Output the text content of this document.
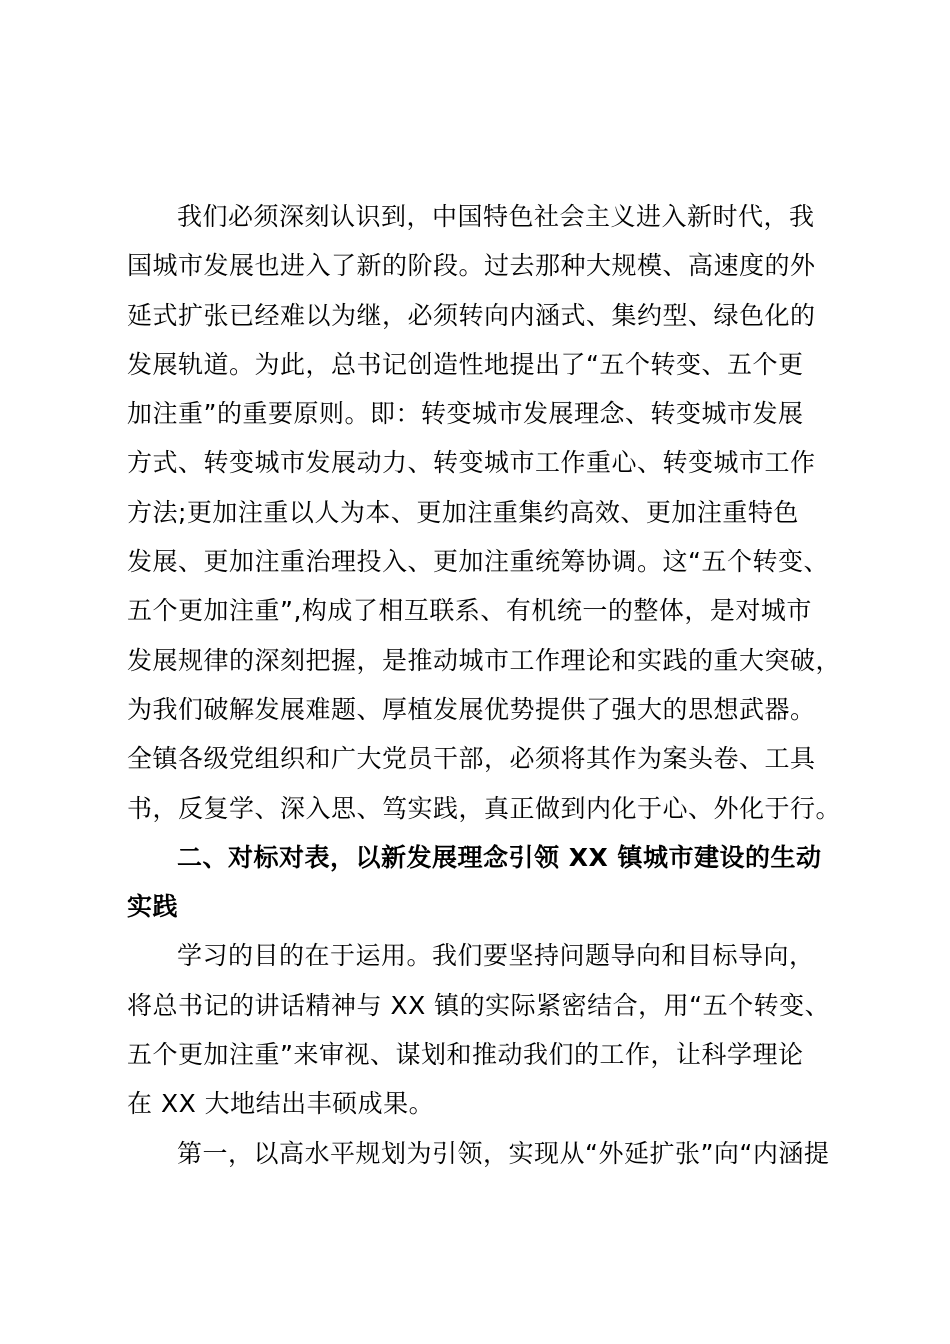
我们必须深刻认识到，中国特色社会主义进入新时代，我
国城市发展也进入了新的阶段。过去那种大规模、高速度的外
延式扩张已经难以为继，必须转向内涵式、集约型、绿色化的
发展轨道。为此，总书记创造性地提出了“五个转变、五个更
加注重”的重要原则。即：转变城市发展理念、转变城市发展
方式、转变城市发展动力、转变城市工作重心、转变城市工作
方法;更加注重以人为本、更加注重集约高效、更加注重特色
发展、更加注重治理投入、更加注重统筹协调。这“五个转变、
五个更加注重”,构成了相互联系、有机统一的整体，是对城市
发展规律的深刻把握，是推动城市工作理论和实践的重大突破，
为我们破解发展难题、厚植发展优势提供了强大的思想武器。
全镇各级党组织和广大党员干部，必须将其作为案头卷、工具
书，反复学、深入思、笃实践，真正做到内化于心、外化于行。
二、对标对表，以新发展理念引领 XX 镇城市建设的生动
实践
学习的目的在于运用。我们要坚持问题导向和目标导向，
将总书记的讲话精神与 XX 镇的实际紧密结合，用“五个转变、
五个更加注重”来审视、谋划和推动我们的工作，让科学理论
在 XX 大地结出丰硕成果。
第一，以高水平规划为引领，实现从“外延扩张”向“内涵提
